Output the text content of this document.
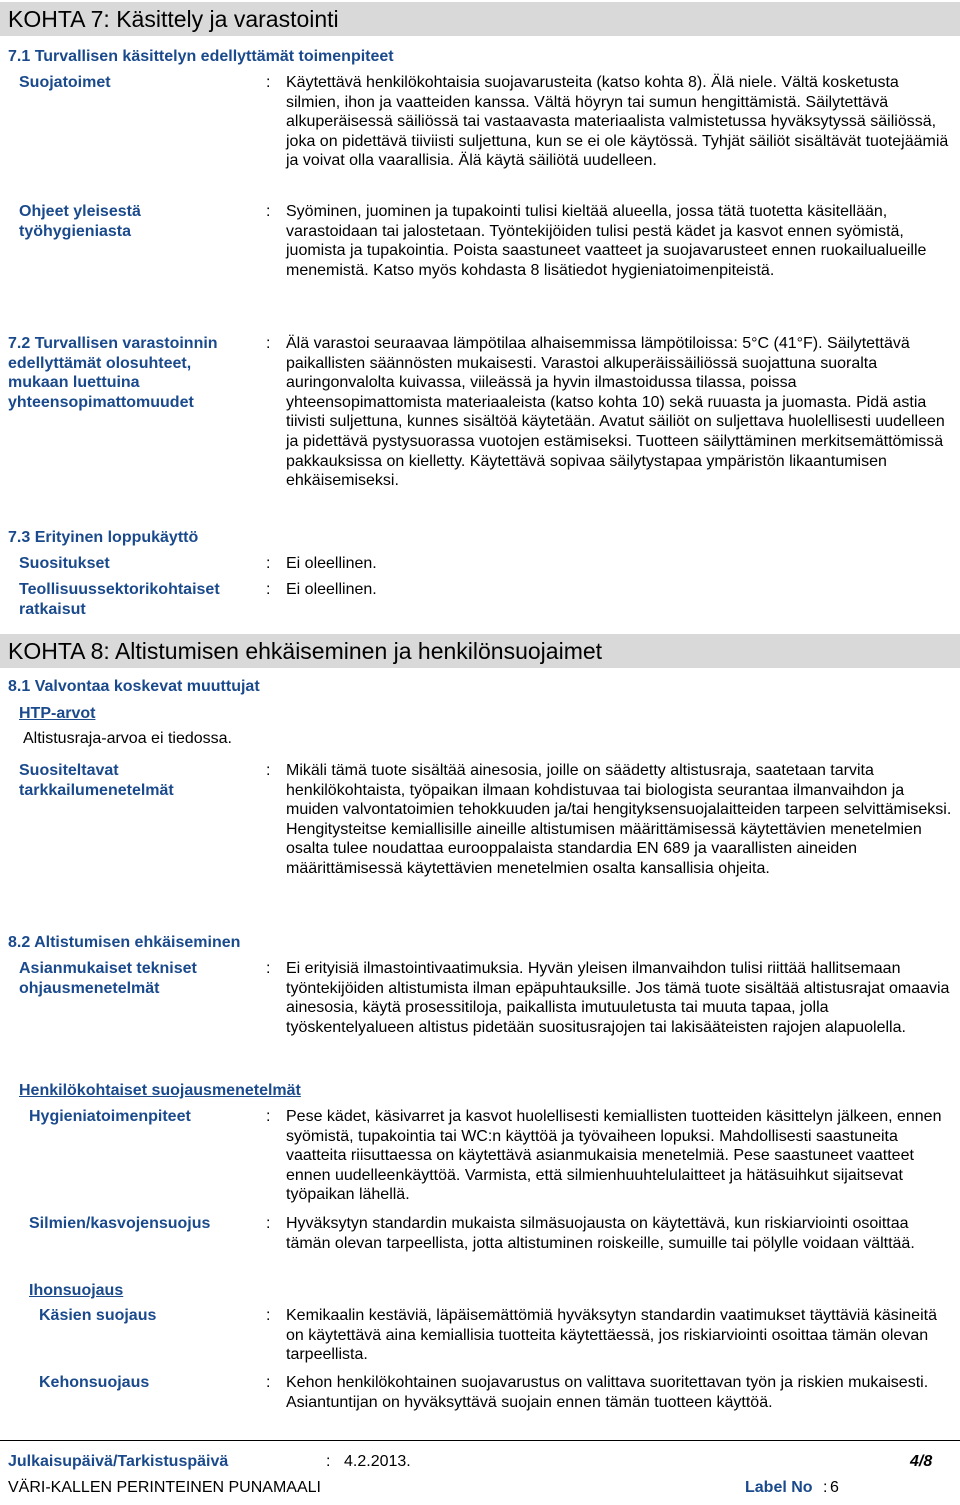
KOHTA 7: Käsittely ja varastointi
7.1 Turvallisen käsittelyn edellyttämät toimenpiteet
Suojatoimet	: Käytettävä henkilökohtaisia suojavarusteita (katso kohta 8). Älä niele. Vältä kosketusta silmien, ihon ja vaatteiden kanssa. Vältä höyryn tai sumun hengittämistä. Säilytettävä alkuperäisessä säiliössä tai vastaavasta materiaalista valmistetussa hyväksytyssä säiliössä, joka on pidettävä tiiviisti suljettuna, kun se ei ole käytössä. Tyhjät säiliöt sisältävät tuotejäämiä ja voivat olla vaarallisia. Älä käytä säiliötä uudelleen.
Ohjeet yleisestä työhygieniasta
: Syöminen, juominen ja tupakointi tulisi kieltää alueella, jossa tätä tuotetta käsitellään, varastoidaan tai jalostetaan. Työntekijöiden tulisi pestä kädet ja kasvot ennen syömistä, juomista ja tupakointia. Poista saastuneet vaatteet ja suojavarusteet ennen ruokailualueille menemistä. Katso myös kohdasta 8 lisätiedot hygieniatoimenpiteistä.
7.2 Turvallisen varastoinnin edellyttämät olosuhteet, mukaan luettuina yhteensopimattomuudet
: Älä varastoi seuraavaa lämpötilaa alhaisemmissa lämpötiloissa: 5°C (41°F). Säilytettävä paikallisten säännösten mukaisesti. Varastoi alkuperäissäiliössä suojattuna suoralta auringonvalolta kuivassa, viileässä ja hyvin ilmastoidussa tilassa, poissa yhteensopimattomista materiaaleista (katso kohta 10) sekä ruuasta ja juomasta. Pidä astia tiivisti suljettuna, kunnes sisältöä käytetään. Avatut säiliöt on suljettava huolellisesti uudelleen ja pidettävä pystysuorassa vuotojen estämiseksi. Tuotteen säilyttäminen merkitsemättömissä pakkauksissa on kielletty. Käytettävä sopivaa säilytystapaa ympäristön likaantumisen ehkäisemiseksi.
7.3 Erityinen loppukäyttö
Suositukset	: Ei oleellinen.
Teollisuussektorikohtaiset ratkaisut
: Ei oleellinen.
KOHTA 8: Altistumisen ehkäiseminen ja henkilönsuojaimet
8.1 Valvontaa koskevat muuttujat
HTP-arvot
Altistusraja-arvoa ei tiedossa.
Suositeltavat tarkkailumenetelmät
: Mikäli tämä tuote sisältää ainesosia, joille on säädetty altistusraja, saatetaan tarvita henkilökohtaista, työpaikan ilmaan kohdistuvaa tai biologista seurantaa ilmanvaihdon ja muiden valvontatoimien tehokkuuden ja/tai hengityksensuojalaitteiden tarpeen selvittämiseksi. Hengitysteitse kemiallisille aineille altistumisen määrittämisessä käytettävien menetelmien osalta tulee noudattaa eurooppalaista standardia EN 689 ja vaarallisten aineiden määrittämisessä käytettävien menetelmien osalta kansallisia ohjeita.
8.2 Altistumisen ehkäiseminen
Asianmukaiset tekniset ohjausmenetelmät
: Ei erityisiä ilmastointivaatimuksia. Hyvän yleisen ilmanvaihdon tulisi riittää hallitsemaan työntekijöiden altistumista ilman epäpuhtauksille. Jos tämä tuote sisältää altistusrajat omaavia ainesosia, käytä prosessitiloja, paikallista imutuuletusta tai muuta tapaa, jolla työskentelyalueen altistus pidetään suositusrajojen tai lakisääteisten rajojen alapuolella.
Henkilökohtaiset suojausmenetelmät
Hygieniatoimenpiteet	: Pese kädet, käsivarret ja kasvot huolellisesti kemiallisten tuotteiden käsittelyn jälkeen, ennen syömistä, tupakointia tai WC:n käyttöä ja työvaiheen lopuksi. Mahdollisesti saastuneita vaatteita riisuttaessa on käytettävä asianmukaisia menetelmiä. Pese saastuneet vaatteet ennen uudelleenkäyttöä. Varmista, että silmienhuuhtelulaitteet ja hätäsuihkut sijaitsevat työpaikan lähellä.
Silmien/kasvojensuojus	: Hyväksytyn standardin mukaista silmäsuojausta on käytettävä, kun riskiarviointi osoittaa tämän olevan tarpeellista, jotta altistuminen roiskeille, sumuille tai pölylle voidaan välttää.
Ihonsuojaus
Käsien suojaus	: Kemikaalin kestäviä, läpäisemättömiä hyväksytyn standardin vaatimukset täyttäviä käsineitä on käytettävä aina kemiallisia tuotteita käytettäessä, jos riskiarviointi osoittaa tämän olevan tarpeellista.
Kehonsuojaus	: Kehon henkilökohtainen suojavarustus on valittava suoritettavan työn ja riskien mukaisesti. Asiantuntijan on hyväksyttävä suojain ennen tämän tuotteen käyttöä.
Julkaisupäivä/Tarkistuspäivä	: 4.2.2013.	4/8
VÄRI-KALLEN PERINTEINEN PUNAMAALI	Label No : 6
